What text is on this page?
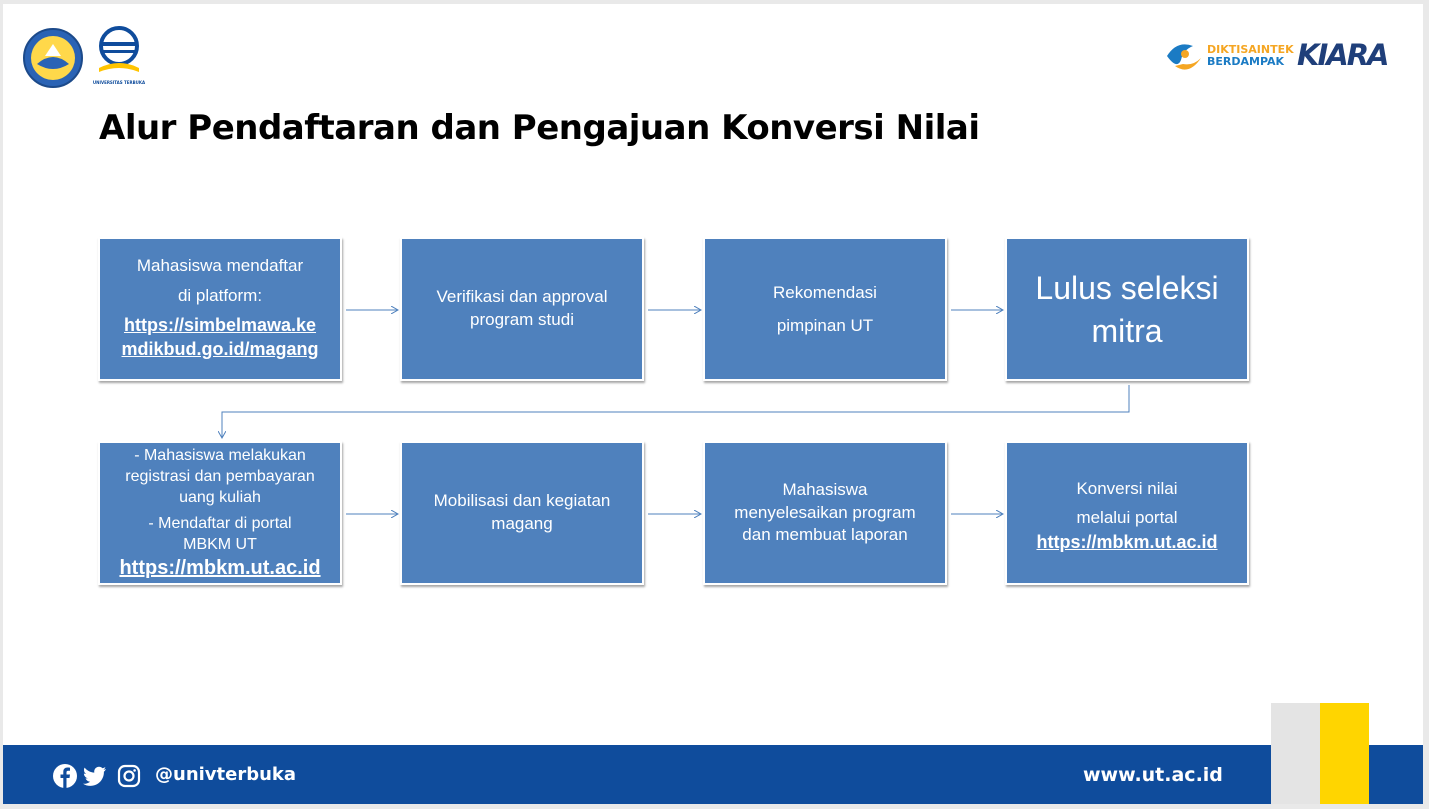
UNIVERSITAS TERBUKA
DIKTISAINTEK
BERDAMPAK KIARA
Alur Pendaftaran dan Pengajuan Konversi Nilai
Mahasiswa mendaftar
di platform:
https://simbelmawa.ke
mdikbud.go.id/magang
Verifikasi dan approval
program studi
Rekomendasi
pimpinan UT
Lulus seleksi
mitra
- Mahasiswa melakukan
registrasi dan pembayaran
uang kuliah
- Mendaftar di portal
MBKM UT
https://mbkm.ut.ac.id
Mobilisasi dan kegiatan
magang
Mahasiswa
menyelesaikan program
dan membuat laporan
Konversi nilai
melalui portal
https://mbkm.ut.ac.id
@univterbuka	www.ut.ac.id
